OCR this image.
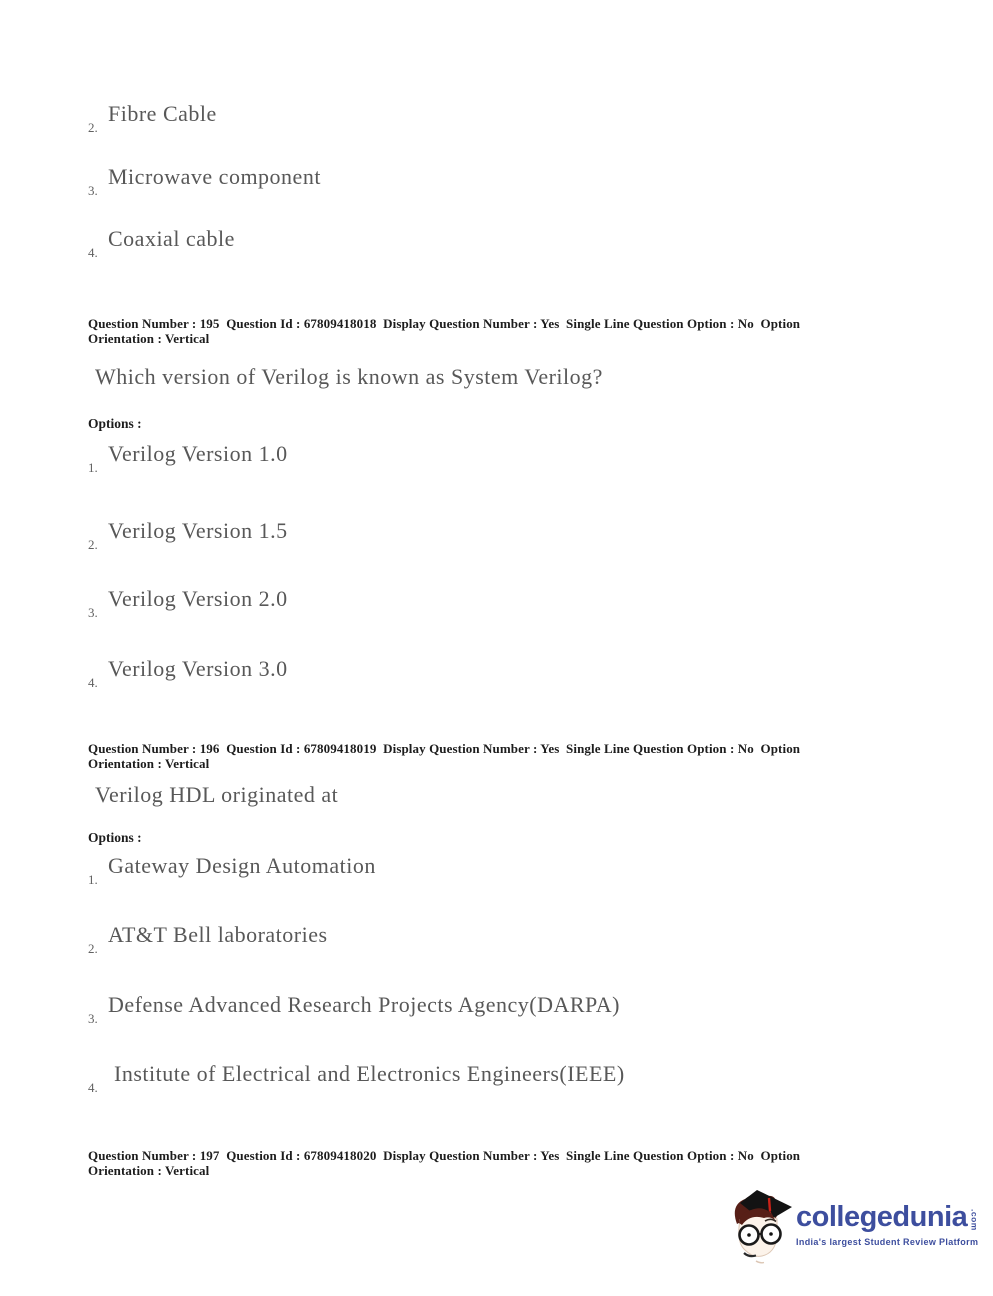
2.Fibre Cable
3.Microwave component
4.Coaxial cable
Question Number : 195  Question Id : 67809418018  Display Question Number : Yes  Single Line Question Option : No  Option
Orientation : Vertical
Which version of Verilog is known as System Verilog?
Options :
1.Verilog Version 1.0
2.Verilog Version 1.5
3.Verilog Version 2.0
4.Verilog Version 3.0
Question Number : 196  Question Id : 67809418019  Display Question Number : Yes  Single Line Question Option : No  Option
Orientation : Vertical
Verilog HDL originated at
Options :
1.Gateway Design Automation
2.AT&T Bell laboratories
3.Defense Advanced Research Projects Agency(DARPA)
4.Institute of Electrical and Electronics Engineers(IEEE)
Question Number : 197  Question Id : 67809418020  Display Question Number : Yes  Single Line Question Option : No  Option
Orientation : Vertical
collegedunia .com
India's largest Student Review Platform
